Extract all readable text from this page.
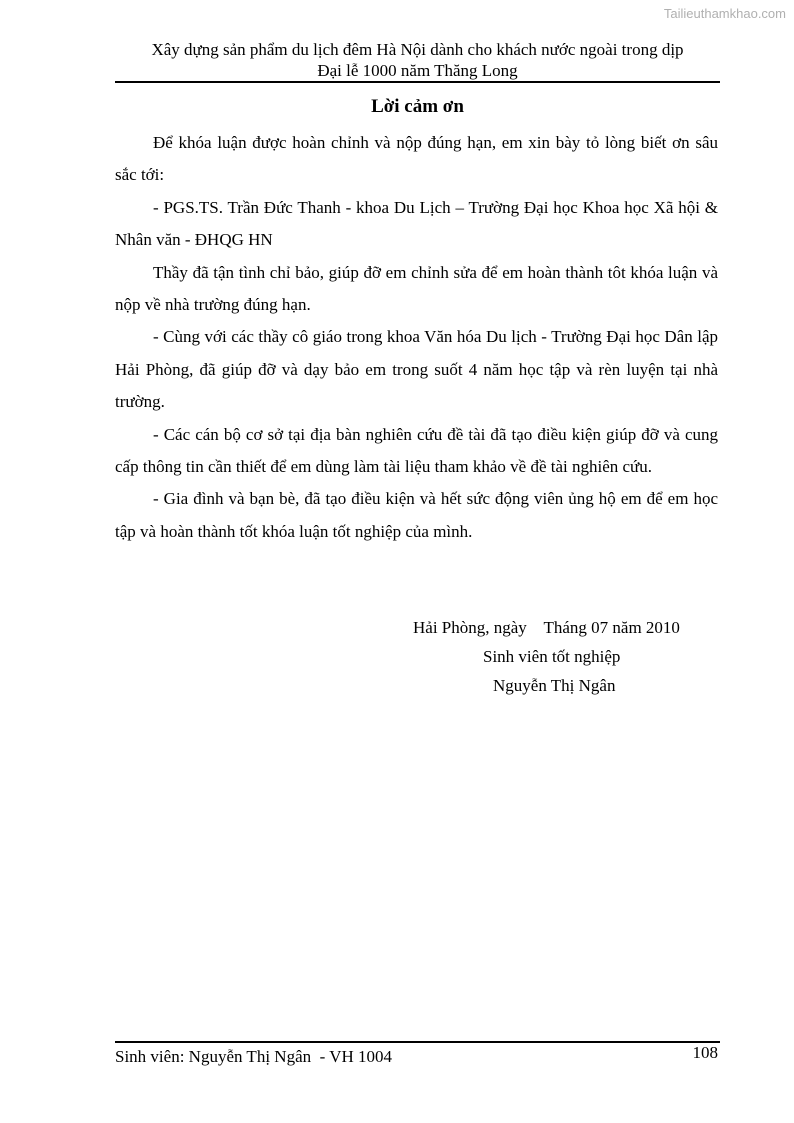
Tailieuthamkhao.com
Xây dựng sản phẩm du lịch đêm Hà Nội dành cho khách nước ngoài trong dịp
Đại lễ 1000 năm Thăng Long
Lời cảm ơn

Để khóa luận được hoàn chỉnh và nộp đúng hạn, em xin bày tỏ lòng biết ơn sâu sắc tới:

- PGS.TS. Trần Đức Thanh - khoa Du Lịch – Trường Đại học Khoa học Xã hội & Nhân văn - ĐHQG HN

Thầy đã tận tình chỉ bảo, giúp đỡ em chỉnh sửa để em hoàn thành tôt khóa luận và nộp về nhà trường đúng hạn.

- Cùng với các thầy cô giáo trong khoa Văn hóa Du lịch - Trường Đại học Dân lập Hải Phòng, đã giúp đỡ và dạy bảo em trong suốt 4 năm học tập và rèn luyện tại nhà trường.

- Các cán bộ cơ sở tại địa bàn nghiên cứu đề tài đã tạo điều kiện giúp đỡ và cung cấp thông tin cần thiết để em dùng làm tài liệu tham khảo về đề tài nghiên cứu.

- Gia đình và bạn bè, đã tạo điều kiện và hết sức động viên ủng hộ em để em học tập và hoàn thành tốt khóa luận tốt nghiệp của mình.

Hải Phòng, ngày    Tháng 07 năm 2010
Sinh viên tốt nghiệp
Nguyễn Thị Ngân
Sinh viên: Nguyễn Thị Ngân  - VH 1004	108
